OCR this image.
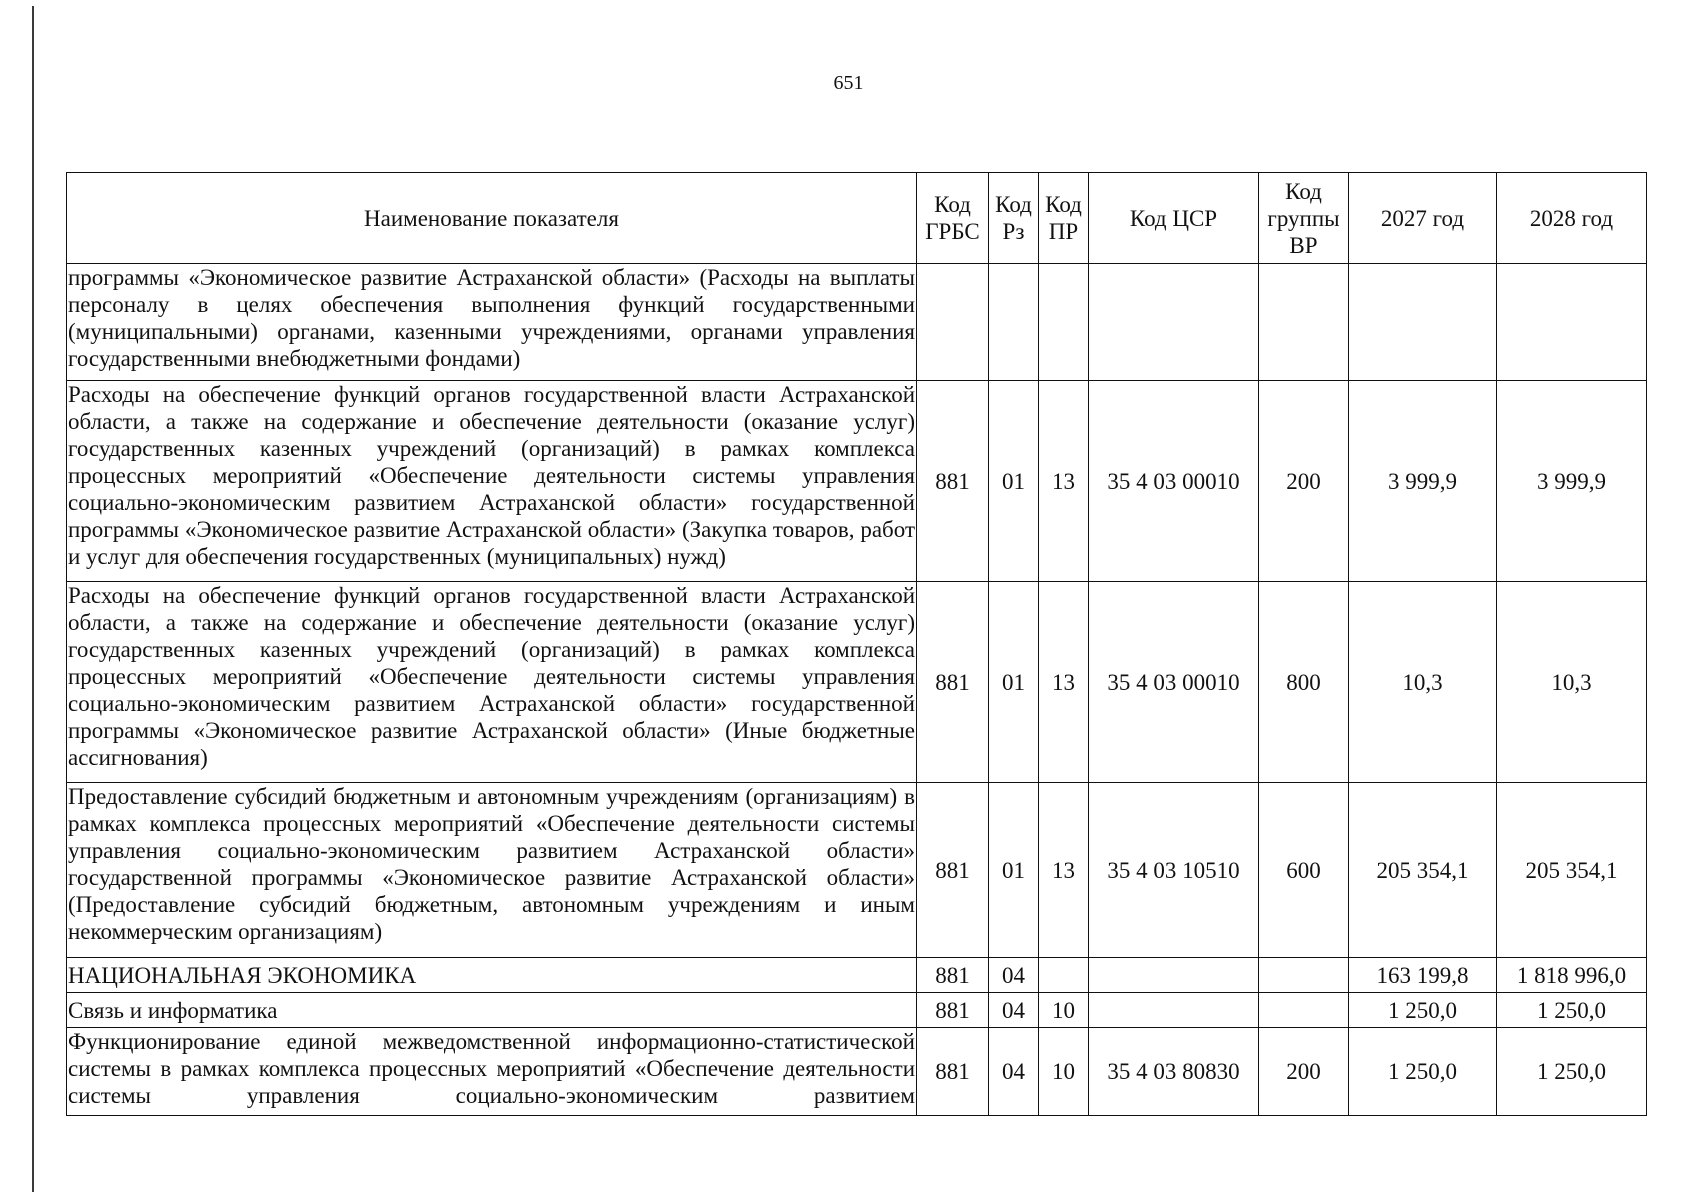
651
Наименование показателя	Код ГРБС	Код Рз	Код ПР	Код ЦСР	Код группы ВР	2027 год	2028 год
программы «Экономическое развитие Астраханской области» (Расходы на выплаты персоналу в целях обеспечения выполнения функций государственными (муниципальными) органами, казенными учреждениями, органами управления государственными внебюджетными фондами)							
Расходы на обеспечение функций органов государственной власти Астраханской области, а также на содержание и обеспечение деятельности (оказание услуг) государственных казенных учреждений (организаций) в рамках комплекса процессных мероприятий «Обеспечение деятельности системы управления социально-экономическим развитием Астраханской области» государственной программы «Экономическое развитие Астраханской области» (Закупка товаров, работ и услуг для обеспечения государственных (муниципальных) нужд)	881	01	13	35 4 03 00010	200	3 999,9	3 999,9
Расходы на обеспечение функций органов государственной власти Астраханской области, а также на содержание и обеспечение деятельности (оказание услуг) государственных казенных учреждений (организаций) в рамках комплекса процессных мероприятий «Обеспечение деятельности системы управления социально-экономическим развитием Астраханской области» государственной программы «Экономическое развитие Астраханской области» (Иные бюджетные ассигнования)	881	01	13	35 4 03 00010	800	10,3	10,3
Предоставление субсидий бюджетным и автономным учреждениям (организациям) в рамках комплекса процессных мероприятий «Обеспечение деятельности системы управления социально-экономическим развитием Астраханской области» государственной программы «Экономическое развитие Астраханской области» (Предоставление субсидий бюджетным, автономным учреждениям и иным некоммерческим организациям)	881	01	13	35 4 03 10510	600	205 354,1	205 354,1
НАЦИОНАЛЬНАЯ ЭКОНОМИКА	881	04				163 199,8	1 818 996,0
Связь и информатика	881	04	10			1 250,0	1 250,0
Функционирование единой межведомственной информационно-статистической системы в рамках комплекса процессных мероприятий «Обеспечение деятельности системы управления социально-экономическим развитием	881	04	10	35 4 03 80830	200	1 250,0	1 250,0
